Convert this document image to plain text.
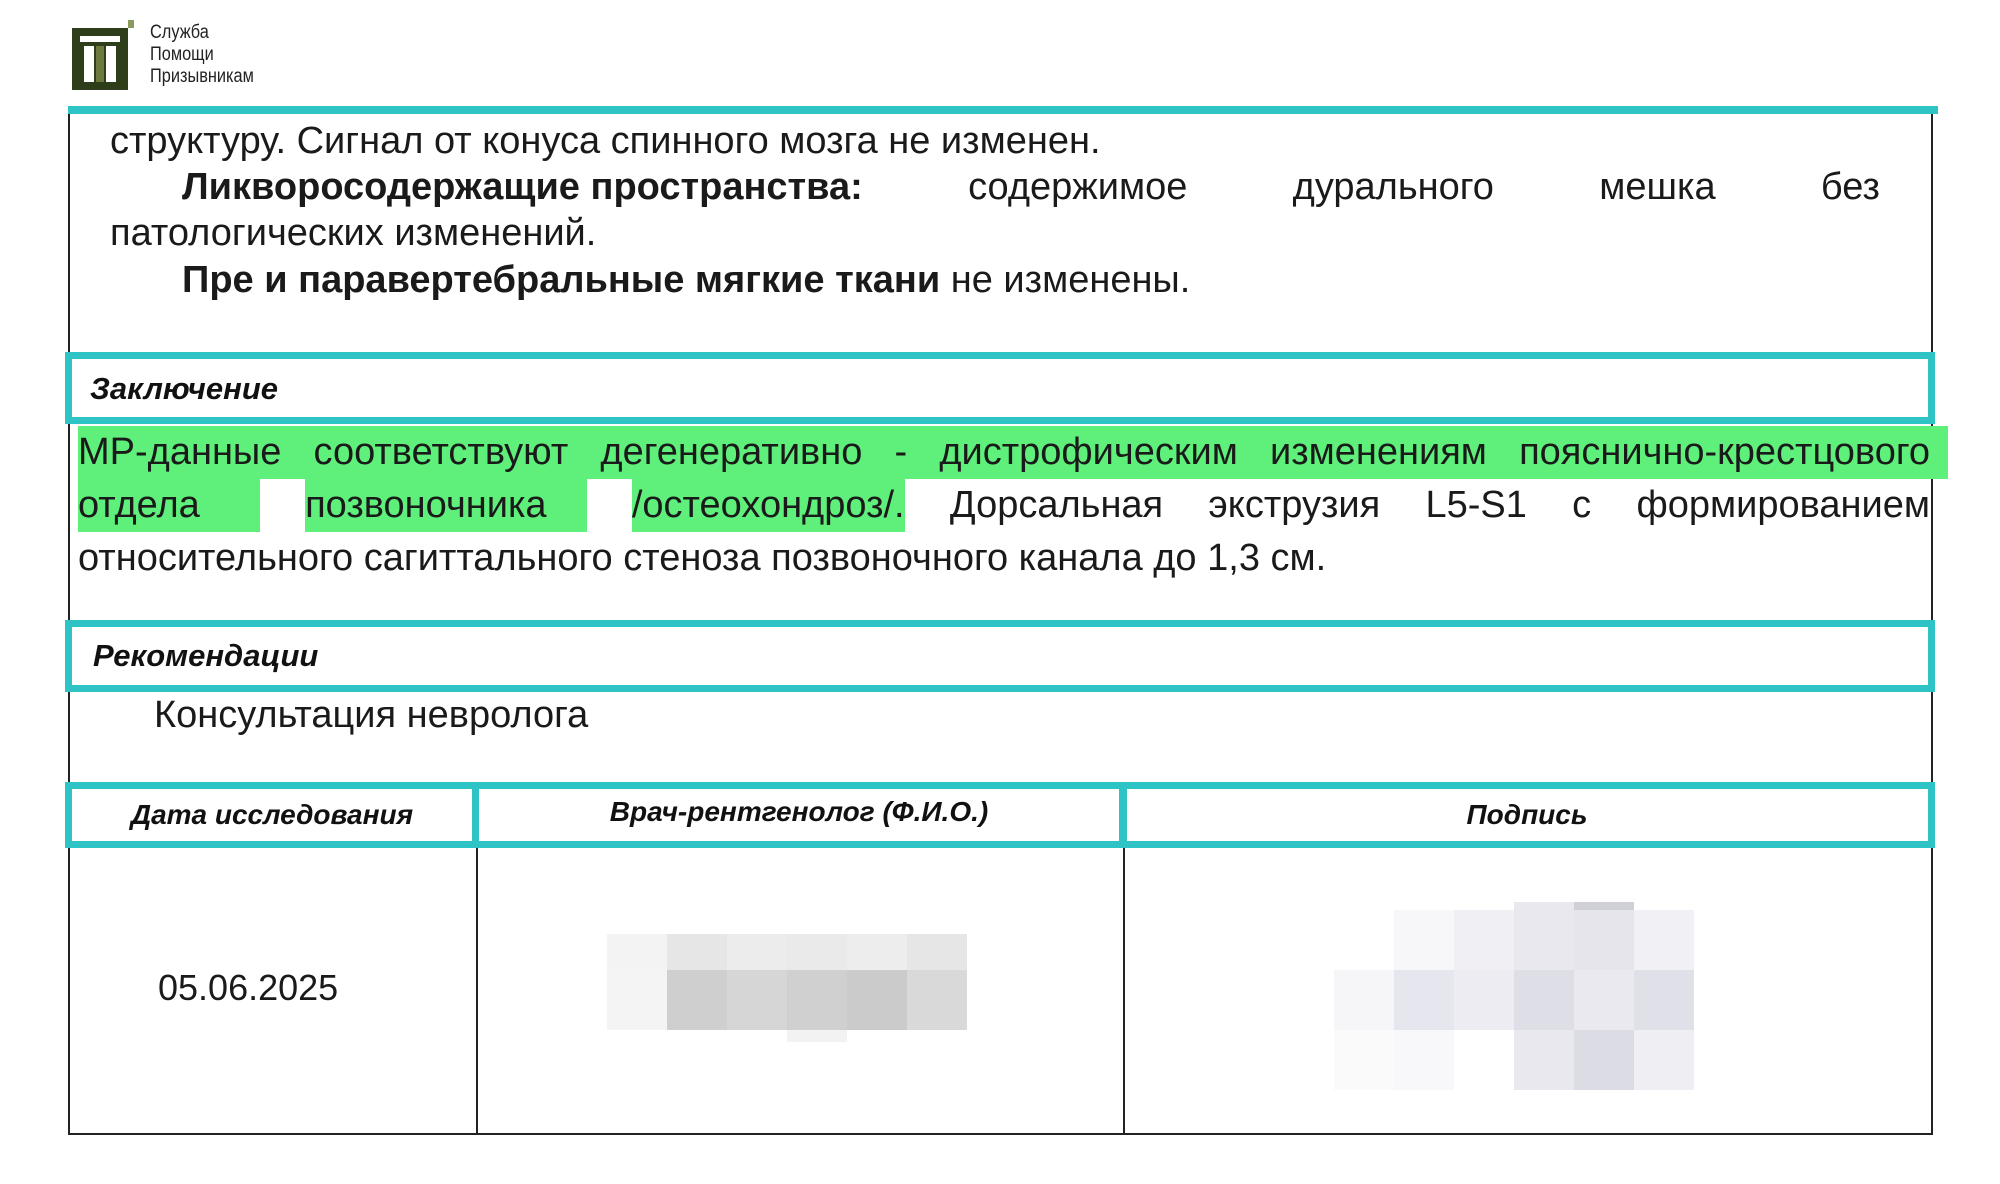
Служба
Помощи
Призывникам
структуру. Сигнал от конуса спинного мозга не изменен.
Ликворосодержащие пространства:	содержимое	дурального	мешка	без
патологических изменений.
Пре и паравертебральные мягкие ткани не изменены.
Заключение
МР-данные соответствуют дегенеративно - дистрофическим изменениям пояснично-крестцового
отдела	позвоночника	/остеохондроз/. Дорсальная экструзия L5-S1 с формированием
относительного сагиттального стеноза позвоночного канала до 1,3 см.
Рекомендации
Консультация невролога
Дата исследования	Врач-рентгенолог (Ф.И.О.)	Подпись
05.06.2025
